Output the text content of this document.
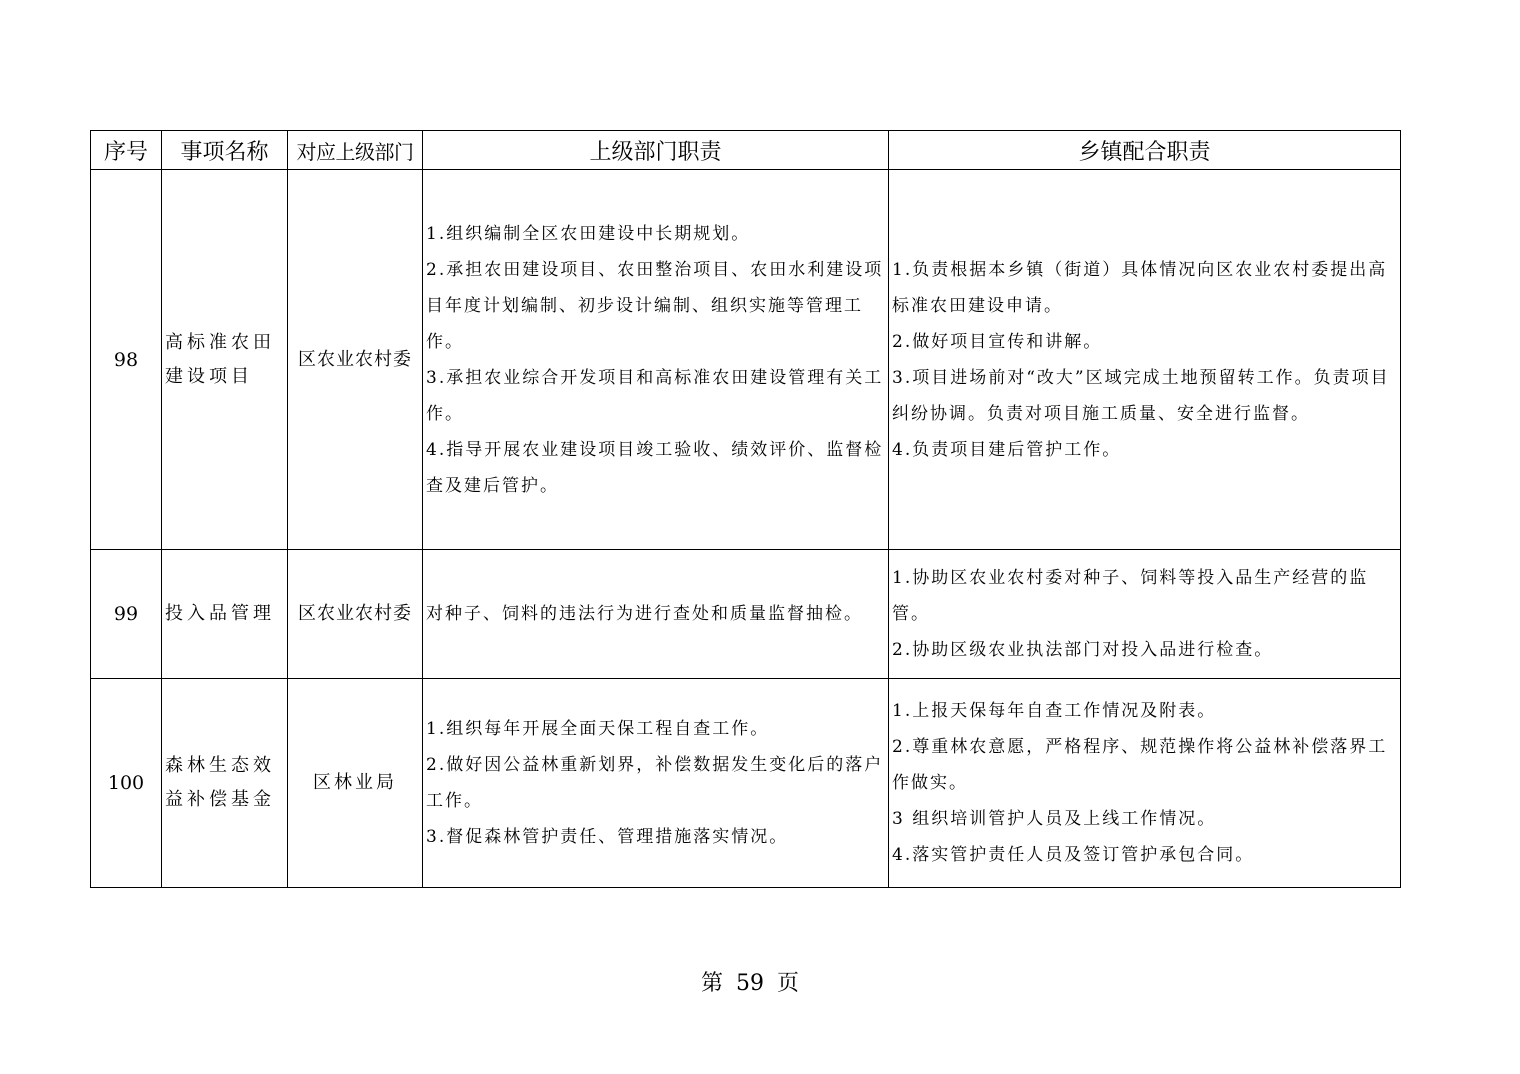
序号	事项名称	对应上级部门	上级部门职责	乡镇配合职责
98	高标准农田建设项目	区农业农村委	1.组织编制全区农田建设中长期规划。
2.承担农田建设项目、农田整治项目、农田水利建设项目年度计划编制、初步设计编制、组织实施等管理工作。
3.承担农业综合开发项目和高标准农田建设管理有关工作。
4.指导开展农业建设项目竣工验收、绩效评价、监督检查及建后管护。	1.负责根据本乡镇（街道）具体情况向区农业农村委提出高标准农田建设申请。
2.做好项目宣传和讲解。
3.项目进场前对“改大”区域完成土地预留转工作。负责项目纠纷协调。负责对项目施工质量、安全进行监督。
4.负责项目建后管护工作。

99	投入品管理	区农业农村委	对种子、饲料的违法行为进行查处和质量监督抽检。	1.协助区农业农村委对种子、饲料等投入品生产经营的监管。
2.协助区级农业执法部门对投入品进行检查。

100	森林生态效益补偿基金	区林业局	1.组织每年开展全面天保工程自查工作。
2.做好因公益林重新划界，补偿数据发生变化后的落户工作。
3.督促森林管护责任、管理措施落实情况。	1.上报天保每年自查工作情况及附表。
2.尊重林农意愿，严格程序、规范操作将公益林补偿落界工作做实。
3 组织培训管护人员及上线工作情况。
4.落实管护责任人员及签订管护承包合同。
第 59 页
